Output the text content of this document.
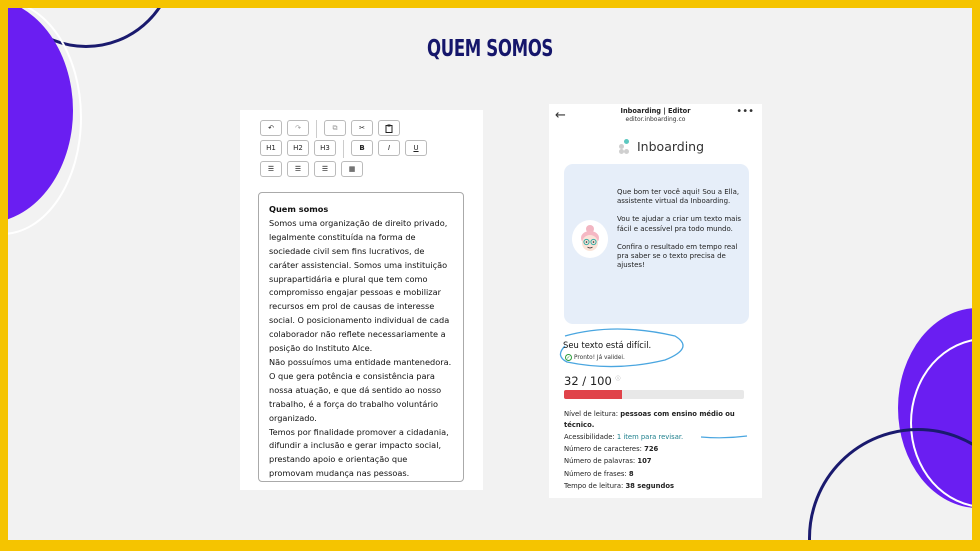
QUEM SOMOS
↶	↷	⧉	✂
H1	H2	H3	B	I	U
☰	☰	☰	▦
Quem somos
Somos uma organização de direito privado, legalmente constituída na forma de sociedade civil sem fins lucrativos, de caráter assistencial. Somos uma instituição suprapartidária e plural que tem como compromisso engajar pessoas e mobilizar recursos em prol de causas de interesse social. O posicionamento individual de cada colaborador não reflete necessariamente a posição do Instituto Alce.
Não possuímos uma entidade mantenedora. O que gera potência e consistência para nossa atuação, e que dá sentido ao nosso trabalho, é a força do trabalho voluntário organizado.
Temos por finalidade promover a cidadania, difundir a inclusão e gerar impacto social, prestando apoio e orientação que promovam mudança nas pessoas.
←	Inboarding | Editor
editor.inboarding.co
•••
Inboarding

Que bom ter você aqui! Sou a Ella, assistente virtual da Inboarding.

Vou te ajudar a criar um texto mais fácil e acessível pra todo mundo.

Confira o resultado em tempo real pra saber se o texto precisa de ajustes!

Seu texto está difícil.
✓ Pronto! Já validei.
32 / 100 ⓘ
Nível de leitura: pessoas com ensino médio ou técnico.
Acessibilidade: 1 item para revisar.
Número de caracteres: 726
Número de palavras: 107
Número de frases: 8
Tempo de leitura: 38 segundos
